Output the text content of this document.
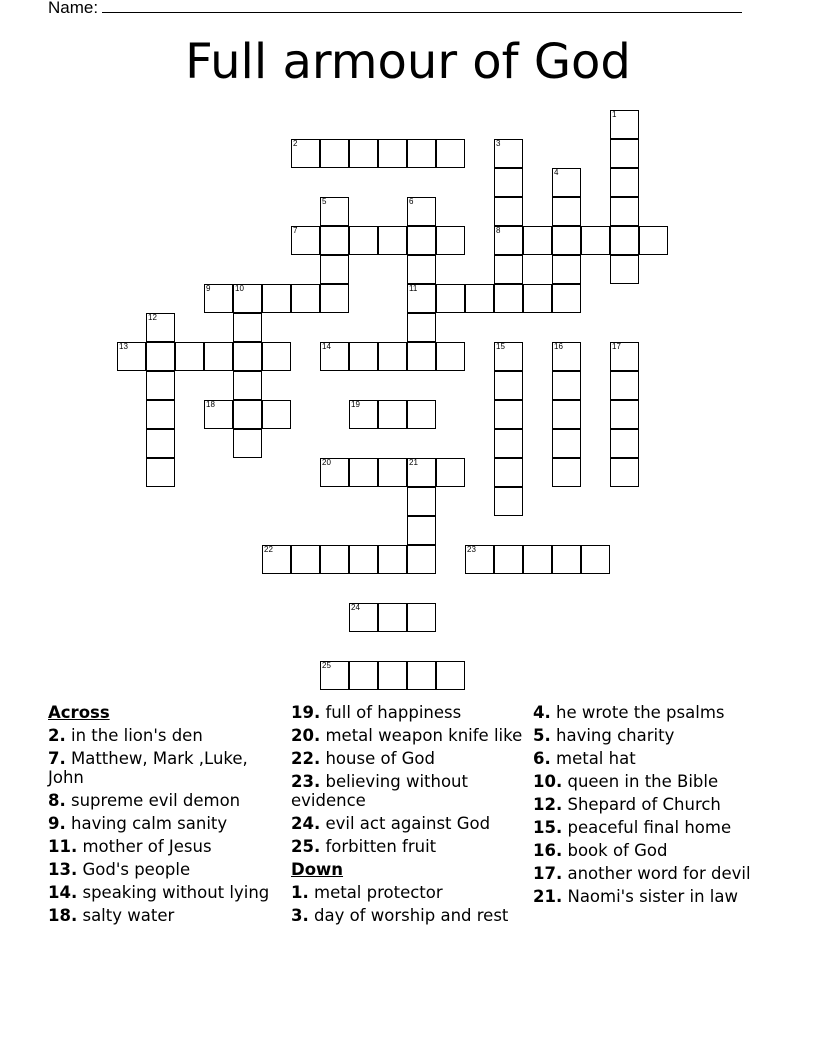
Name:
Full armour of God
2
7	8
9	10	11
13	14
18	19
20	21
22	23
24
25
1
3
4
5	6
12
15	16	17
Across
2. in the lion's den
7. Matthew, Mark ,Luke, John
8. supreme evil demon
9. having calm sanity
11. mother of Jesus
13. God's people
14. speaking without lying
18. salty water
19. full of happiness
20. metal weapon knife like
22. house of God
23. believing without evidence
24. evil act against God
25. forbitten fruit
Down
1. metal protector
3. day of worship and rest
4. he wrote the psalms
5. having charity
6. metal hat
10. queen in the Bible
12. Shepard of Church
15. peaceful final home
16. book of God
17. another word for devil
21. Naomi's sister in law
